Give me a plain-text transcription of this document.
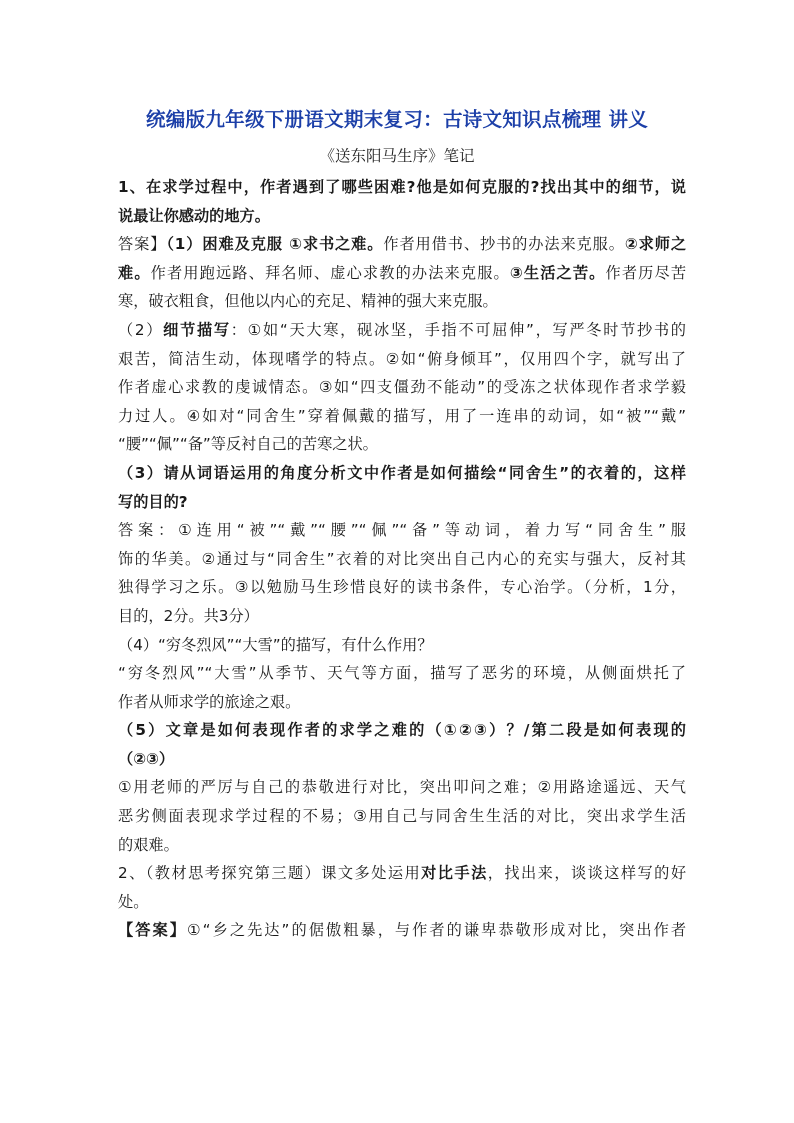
统编版九年级下册语文期末复习：古诗文知识点梳理 讲义
《送东阳马生序》笔记
1、在求学过程中，作者遇到了哪些困难?他是如何克服的?找出其中的细节，说
说最让你感动的地方。
答案】（1）困难及克服 ①求书之难。作者用借书、抄书的办法来克服。②求师之
难。作者用跑远路、拜名师、虚心求教的办法来克服。③生活之苦。作者历尽苦
寒，破衣粗食，但他以内心的充足、精神的强大来克服。
（2）细节描写：①如“天大寒，砚冰坚，手指不可屈伸”，写严冬时节抄书的
艰苦，简洁生动，体现嗜学的特点。②如“俯身倾耳”，仅用四个字，就写出了
作者虚心求教的虔诚情态。③如“四支僵劲不能动”的受冻之状体现作者求学毅
力过人。④如对“同舍生”穿着佩戴的描写，用了一连串的动词，如“被”“戴”
“腰”“佩”“备”等反衬自己的苦寒之状。
（3）请从词语运用的角度分析文中作者是如何描绘“同舍生”的衣着的，这样
写的目的?
答案：①连用“被”“戴”“腰”“佩”“备”等动词，着力写“同舍生”服
饰的华美。②通过与“同舍生”衣着的对比突出自己内心的充实与强大，反衬其
独得学习之乐。③以勉励马生珍惜良好的读书条件，专心治学。（分析，1分，
目的，2分。共3分）
（4）“穷冬烈风”“大雪”的描写，有什么作用？
“穷冬烈风”“大雪”从季节、天气等方面，描写了恶劣的环境，从侧面烘托了
作者从师求学的旅途之艰。
（5）文章是如何表现作者的求学之难的（①②③）？/第二段是如何表现的
（②③）
①用老师的严厉与自己的恭敬进行对比，突出叩问之难；②用路途遥远、天气
恶劣侧面表现求学过程的不易；③用自己与同舍生生活的对比，突出求学生活
的艰难。
2、（教材思考探究第三题）课文多处运用对比手法，找出来，谈谈这样写的好
处。
【答案】①“乡之先达”的倨傲粗暴，与作者的谦卑恭敬形成对比，突出作者
